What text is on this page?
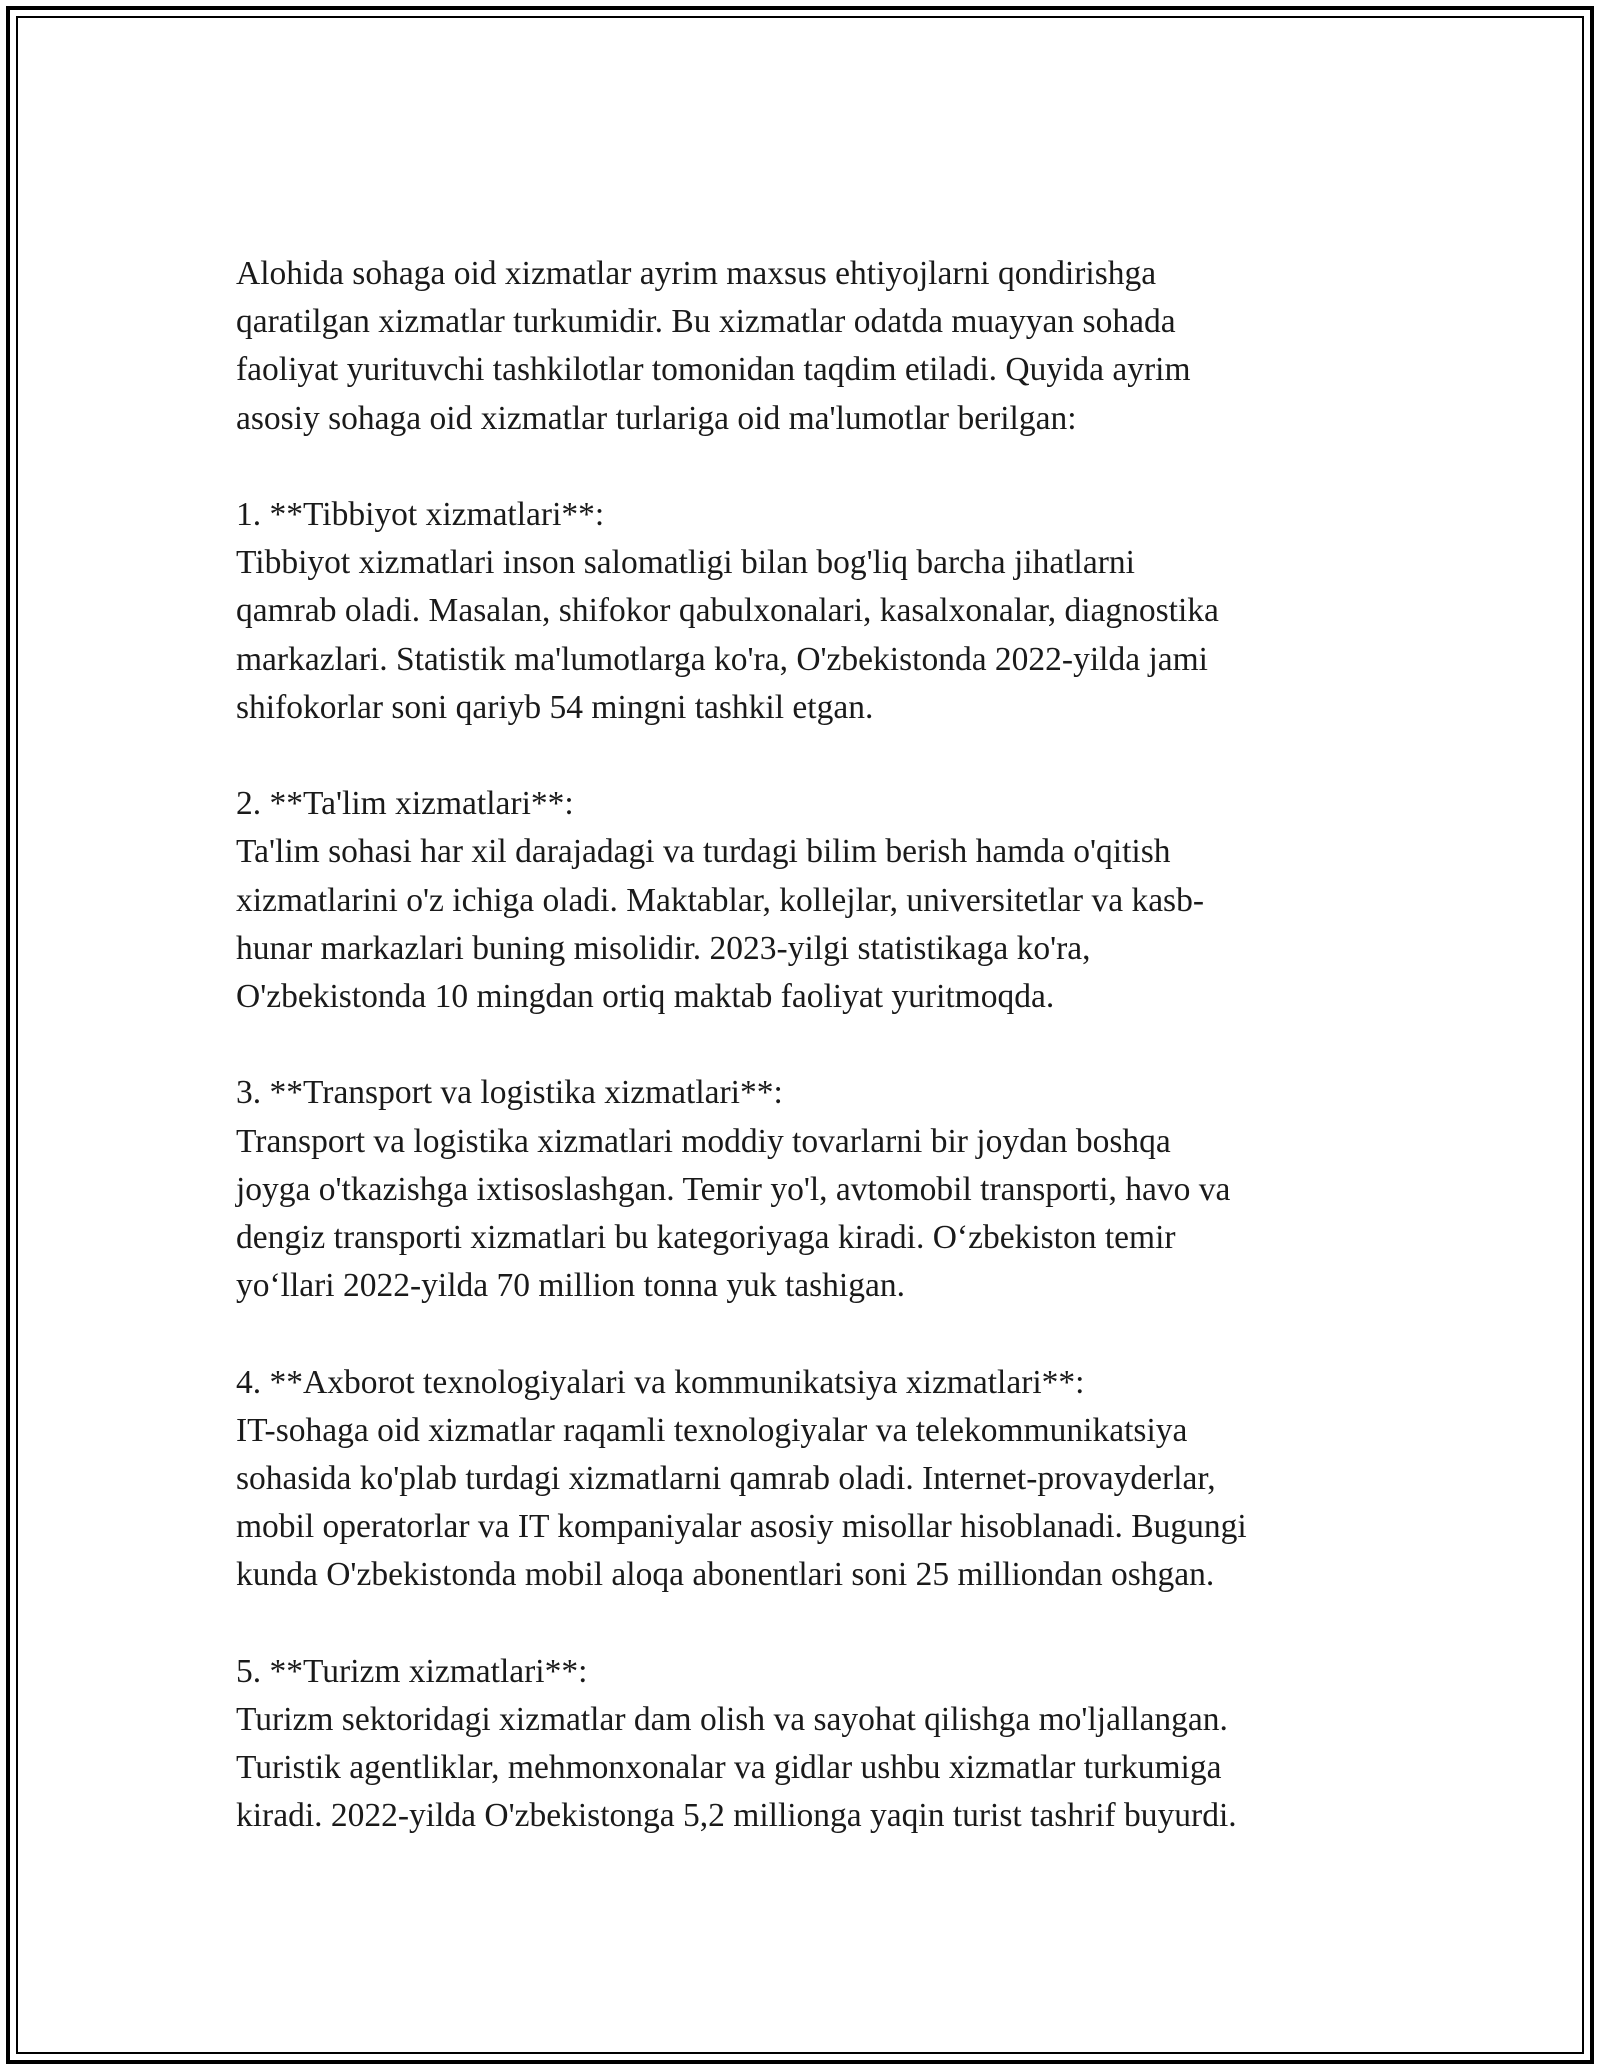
Alohida sohaga oid xizmatlar ayrim maxsus ehtiyojlarni qondirishga
qaratilgan xizmatlar turkumidir. Bu xizmatlar odatda muayyan sohada
faoliyat yurituvchi tashkilotlar tomonidan taqdim etiladi. Quyida ayrim
asosiy sohaga oid xizmatlar turlariga oid ma'lumotlar berilgan:

1. **Tibbiyot xizmatlari**:

Tibbiyot xizmatlari inson salomatligi bilan bog'liq barcha jihatlarni
qamrab oladi. Masalan, shifokor qabulxonalari, kasalxonalar, diagnostika
markazlari. Statistik ma'lumotlarga ko'ra, O'zbekistonda 2022-yilda jami
shifokorlar soni qariyb 54 mingni tashkil etgan.

2. **Ta'lim xizmatlari**:

Ta'lim sohasi har xil darajadagi va turdagi bilim berish hamda o'qitish
xizmatlarini o'z ichiga oladi. Maktablar, kollejlar, universitetlar va kasb-
hunar markazlari buning misolidir. 2023-yilgi statistikaga ko'ra,
O'zbekistonda 10 mingdan ortiq maktab faoliyat yuritmoqda.

3. **Transport va logistika xizmatlari**:

Transport va logistika xizmatlari moddiy tovarlarni bir joydan boshqa
joyga o'tkazishga ixtisoslashgan. Temir yo'l, avtomobil transporti, havo va
dengiz transporti xizmatlari bu kategoriyaga kiradi. O‘zbekiston temir
yo‘llari 2022-yilda 70 million tonna yuk tashigan.

4. **Axborot texnologiyalari va kommunikatsiya xizmatlari**:

IT-sohaga oid xizmatlar raqamli texnologiyalar va telekommunikatsiya
sohasida ko'plab turdagi xizmatlarni qamrab oladi. Internet-provayderlar,
mobil operatorlar va IT kompaniyalar asosiy misollar hisoblanadi. Bugungi
kunda O'zbekistonda mobil aloqa abonentlari soni 25 milliondan oshgan.

5. **Turizm xizmatlari**:

Turizm sektoridagi xizmatlar dam olish va sayohat qilishga mo'ljallangan.
Turistik agentliklar, mehmonxonalar va gidlar ushbu xizmatlar turkumiga
kiradi. 2022-yilda O'zbekistonga 5,2 millionga yaqin turist tashrif buyurdi.
